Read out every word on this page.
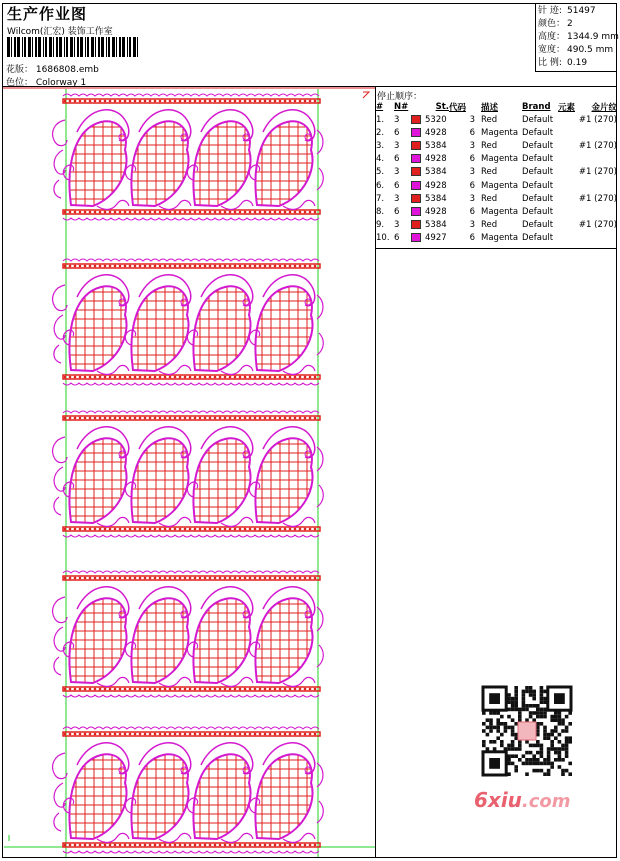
生产作业图
Wilcom(汇宏) 装饰工作室
花版： 1686808.emb
色位： Colorway 1
针 迹: 51497
颜色： 2
高度： 1344.9 mm
宽度： 490.5 mm
比 例: 0.19
停止顺序：
#	N#		St.	代码	描述	Brand	元素	金片纹
1.	3		5320	3	Red	Default		#1 (270)
2.	6		4928	6	Magenta	Default		
3.	3		5384	3	Red	Default		#1 (270)
4.	6		4928	6	Magenta	Default		
5.	3		5384	3	Red	Default		#1 (270)
6.	6		4928	6	Magenta	Default		
7.	3		5384	3	Red	Default		#1 (270)
8.	6		4928	6	Magenta	Default		
9.	3		5384	3	Red	Default		#1 (270)
10.	6		4927	6	Magenta	Default		
6xiu.com
